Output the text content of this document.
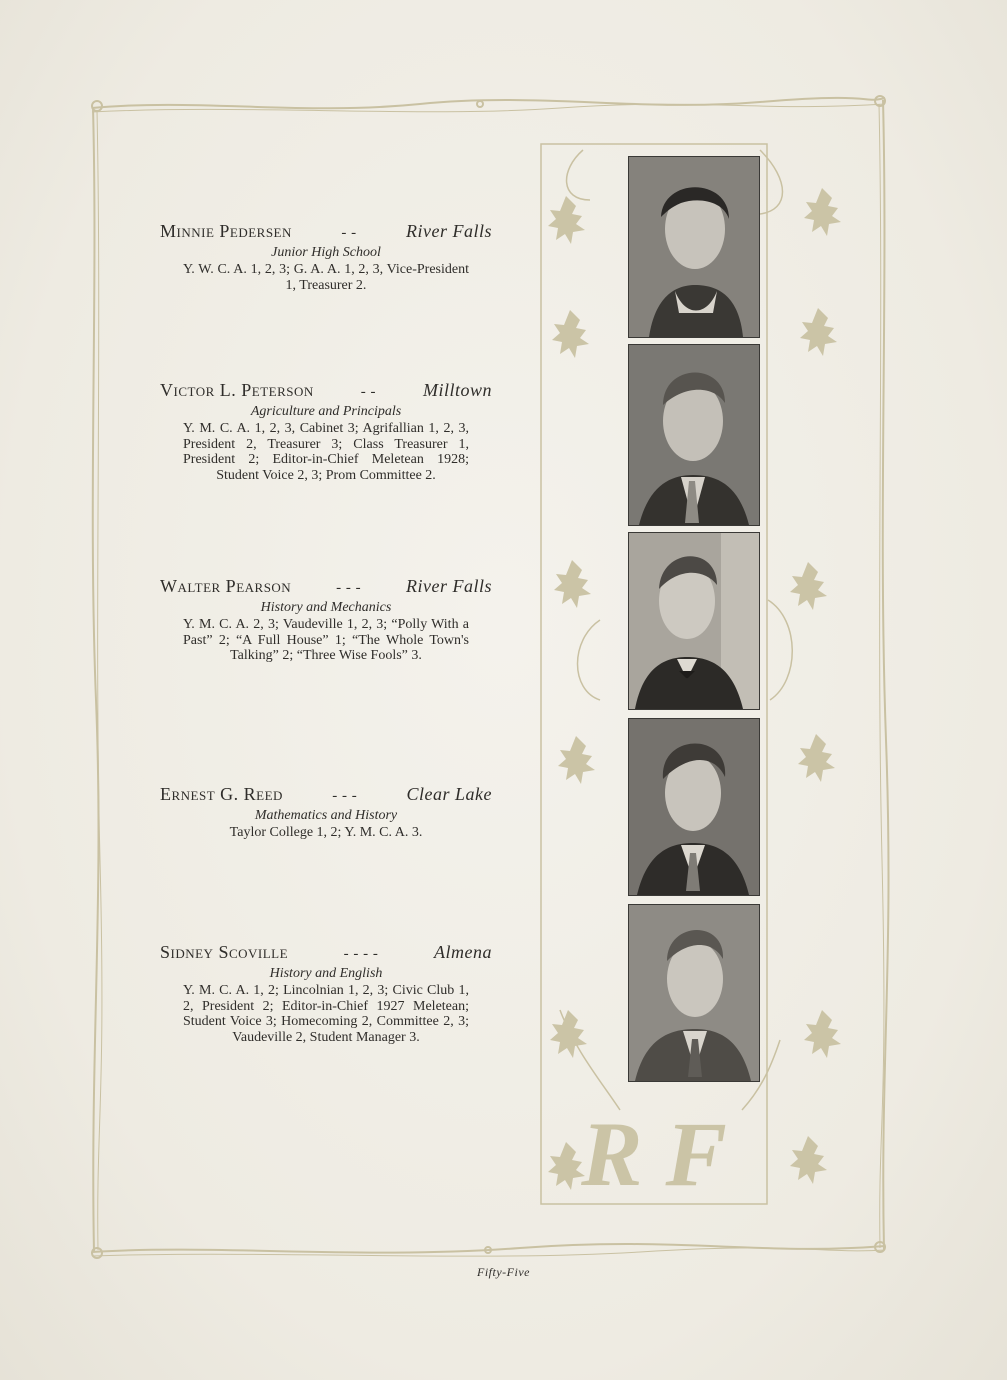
R F
Minnie Pedersen	- -	River Falls
Junior High School
Y. W. C. A. 1, 2, 3; G. A. A. 1, 2, 3, Vice-President 1, Treasurer 2.
Victor L. Peterson	- -	Milltown
Agriculture and Principals
Y. M. C. A. 1, 2, 3, Cabinet 3; Agrifallian 1, 2, 3, President 2, Treasurer 3; Class Treasurer 1, President 2; Editor-in-Chief Meletean 1928; Student Voice 2, 3; Prom Committee 2.
Walter Pearson	- - -	River Falls
History and Mechanics
Y. M. C. A. 2, 3; Vaudeville 1, 2, 3; “Polly With a Past” 2; “A Full House” 1; “The Whole Town's Talking” 2; “Three Wise Fools” 3.
Ernest G. Reed	- - -	Clear Lake
Mathematics and History
Taylor College 1, 2; Y. M. C. A. 3.
Sidney Scoville	- - - -	Almena
History and English
Y. M. C. A. 1, 2; Lincolnian 1, 2, 3; Civic Club 1, 2, President 2; Editor-in-Chief 1927 Meletean; Student Voice 3; Homecoming 2, Committee 2, 3; Vaudeville 2, Student Manager 3.
Fifty-Five
